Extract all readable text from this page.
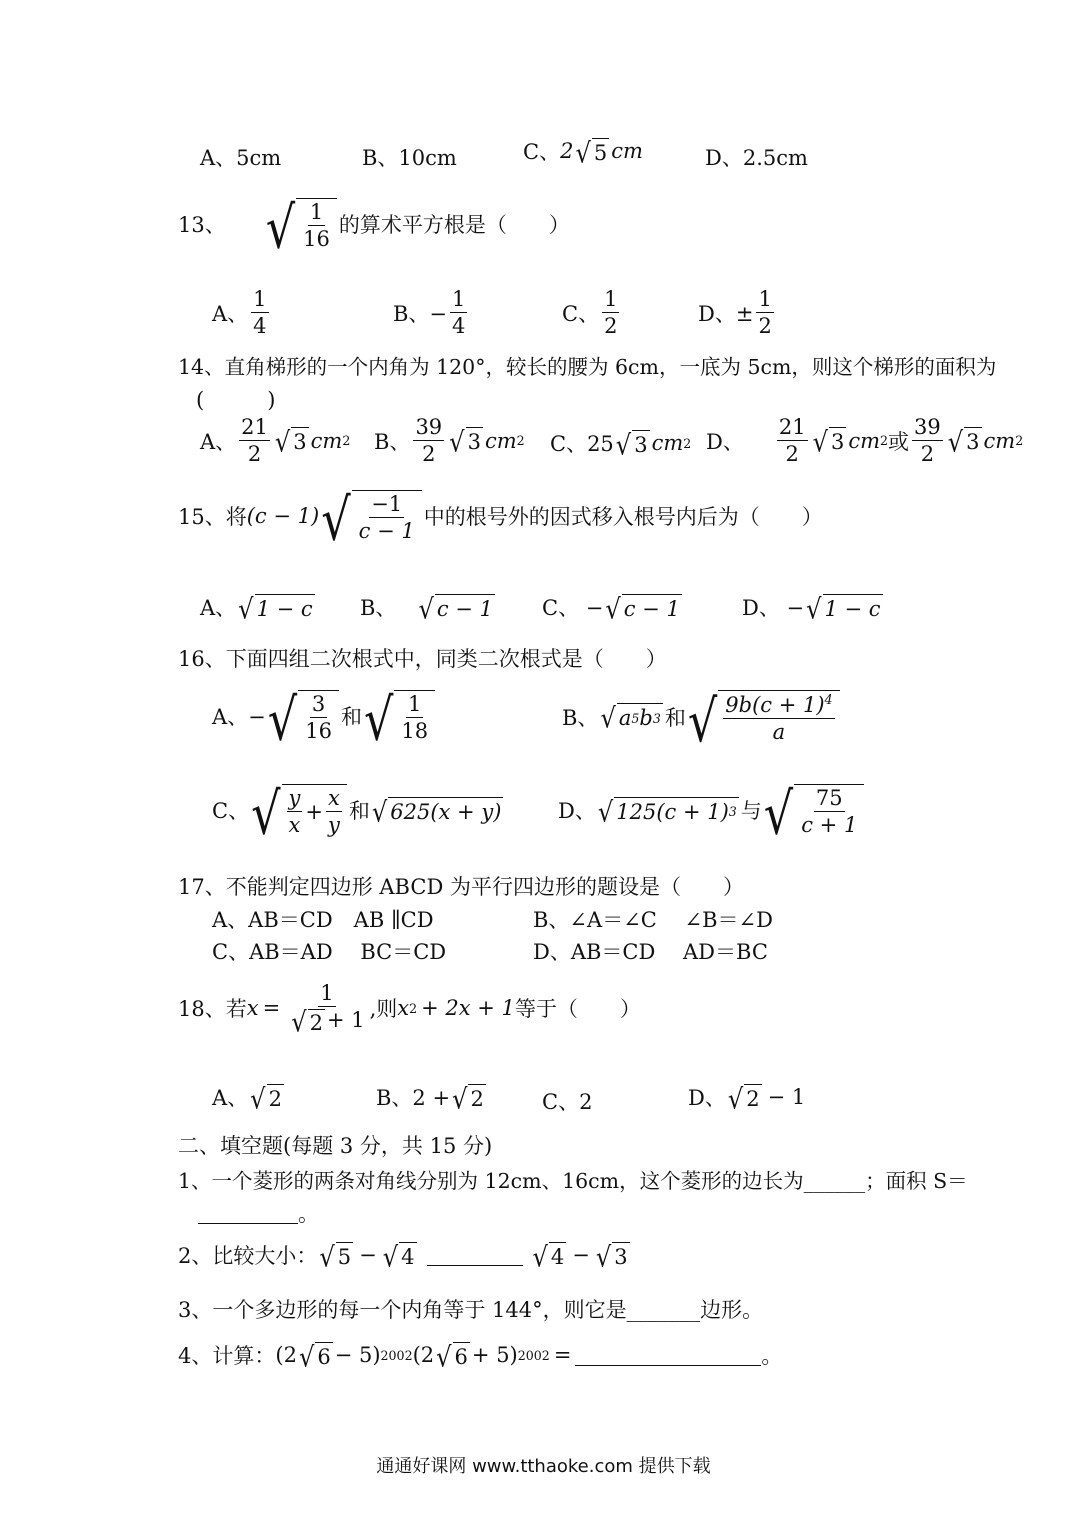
A、5cm	B、10cm	C、 2 √ 5 cm	D、2.5cm
13、 √ $\frac{1}{16}$ 的算术平方根是（　　）
A、 $\frac{1}{4}$	B、− $\frac{1}{4}$	C、 $\frac{1}{2}$	D、± $\frac{1}{2}$
14、直角梯形的一个内角为 120°，较长的腰为 6cm，一底为 5cm，则这个梯形的面积为
(　　　)
A、 $\frac{21}{2}$ √ 3 cm 2 B、 $\frac{39}{2}$ √ 3 cm 2 C、25 √ 3 cm 2 D、 $\frac{21}{2}$ √ 3 cm 2 或 $\frac{39}{2}$ √ 3 cm 2
15、将 (c − 1) √ $\frac{-1}{c - 1}$ 中的根号外的因式移入根号内后为（　　）
A、 √ 1 − c B、 √ c − 1 C、 − √ c − 1	D、 − √ 1 − c
16、下面四组二次根式中，同类二次根式是（　　）
A、− √ $\frac{3}{16}$ 和 √ $\frac{1}{18}$	B、 √ a 5 b 3 和 √ $\frac{9b(c + 1)^4}{a}$
C、 √ $\frac{y}{x} + \frac{x}{y}$ 和 √ 625(x + y)	D、 √ 125(c + 1) 3 与 √ $\frac{75}{c + 1}$
17、不能判定四边形 ABCD 为平行四边形的题设是（　　）
A、AB＝CD　AB ∥CD	B、∠A＝∠C　 ∠B＝∠D
C、AB＝AD　 BC＝CD	D、AB＝CD　 AD＝BC
18、若 $x = \frac{1}{√ 2 + 1}$ ,则 x 2 + 2x + 1 等于（　　）
A、 √ 2	B、2 + √ 2	C、2	D、 √ 2 − 1
二、填空题(每题 3 分，共 15 分)
1、一个菱形的两条对角线分别为 12cm、16cm，这个菱形的边长为______；面积 S＝
。
2、比较大小： √ 5 − √ 4	√ 4 − √ 3
3、一个多边形的每一个内角等于 144°，则它是_______边形。
4、计算： (2 √ 6 − 5) 2002 (2 √ 6 + 5) 2002 =	。
通通好课网 www.tthaoke.com 提供下载
